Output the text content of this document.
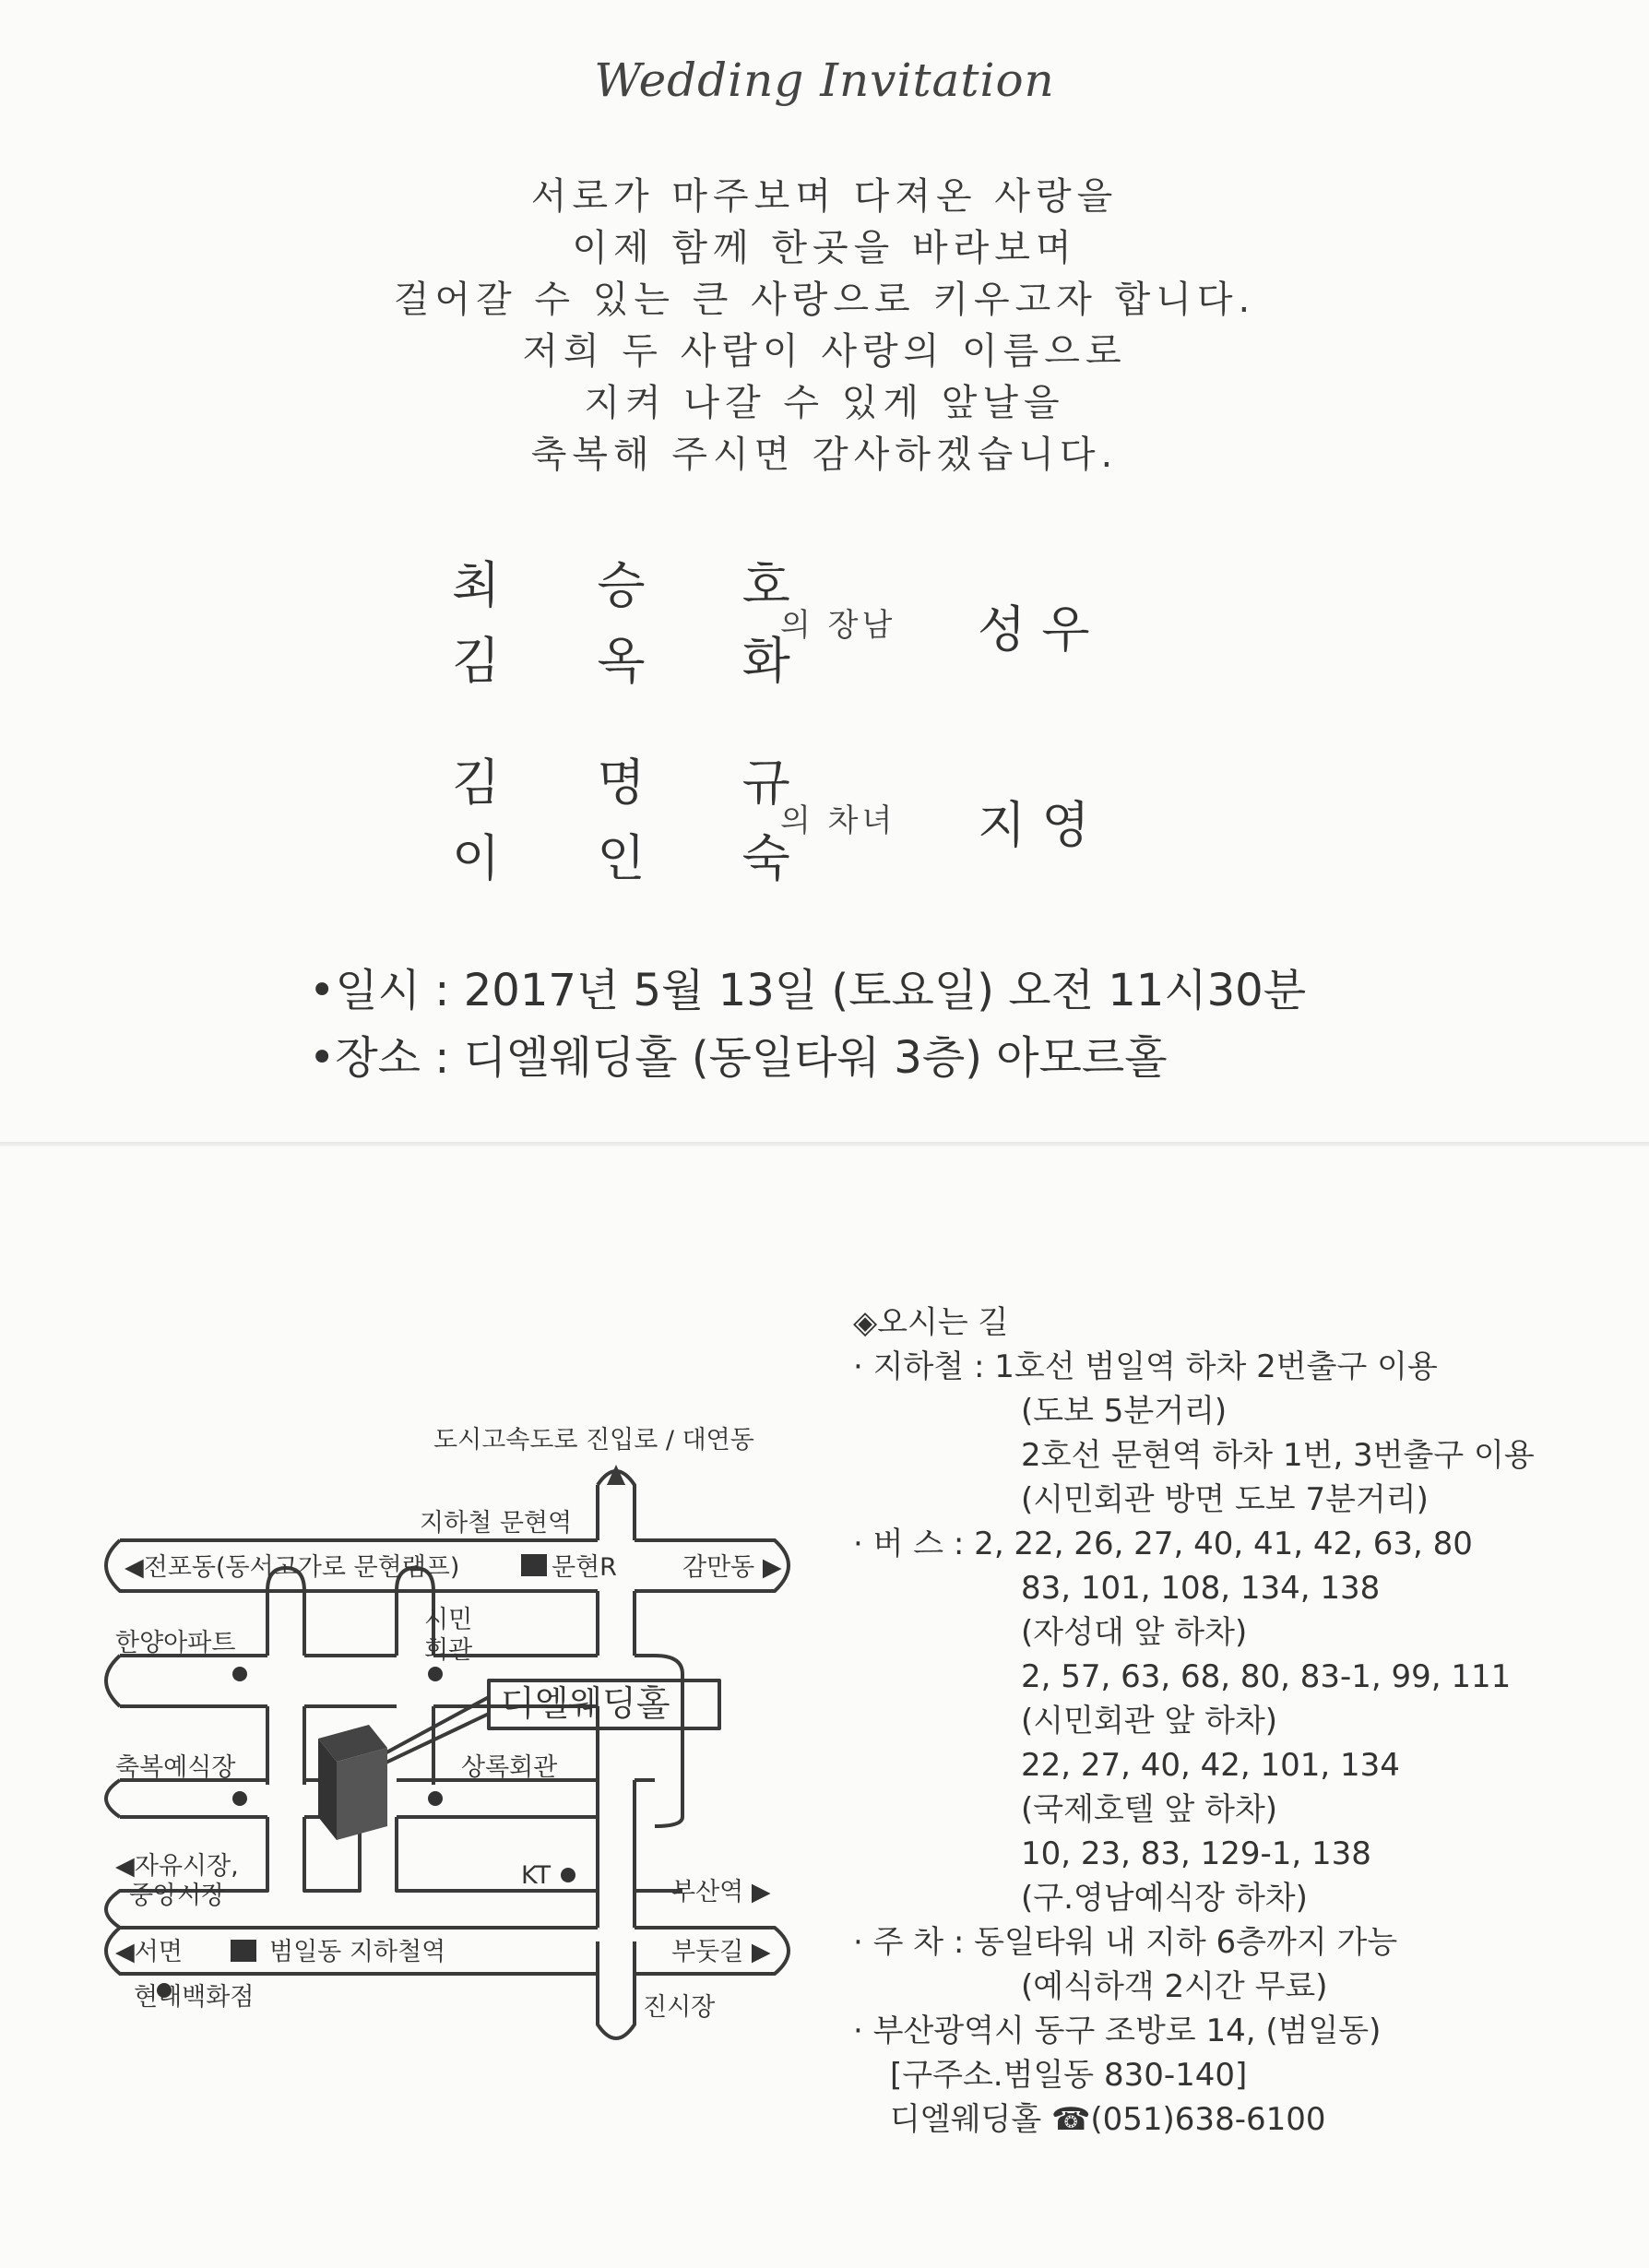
Wedding Invitation
서로가 마주보며 다져온 사랑을
이제 함께 한곳을 바라보며
걸어갈 수 있는 큰 사랑으로 키우고자 합니다.
저희 두 사람이 사랑의 이름으로
지켜 나갈 수 있게 앞날을
축복해 주시면 감사하겠습니다.
최 승 호
김 옥 화
의 장남 성 우
김 명 규
이 인 숙
의 차녀 지 영
•일시 : 2017년 5월 13일 (토요일) 오전 11시30분
•장소 : 디엘웨딩홀 (동일타워 3층) 아모르홀
도시고속도로 진입로 / 대연동
지하철 문현역
◀전포동(동서고가로 문현램프)	문현R	감만동 ▶
한양아파트
시민
회관
디엘웨딩홀
축복예식장	상록회관
KT
◀자유시장,
중앙시장	부산역 ▶
◀서면	범일동 지하철역	부둣길 ▶
진시장
현대백화점
◈오시는 길
· 지하철 : 1호선 범일역 하차 2번출구 이용
(도보 5분거리)
2호선 문현역 하차 1번, 3번출구 이용
(시민회관 방면 도보 7분거리)
· 버 스 : 2, 22, 26, 27, 40, 41, 42, 63, 80
83, 101, 108, 134, 138
(자성대 앞 하차)
2, 57, 63, 68, 80, 83-1, 99, 111
(시민회관 앞 하차)
22, 27, 40, 42, 101, 134
(국제호텔 앞 하차)
10, 23, 83, 129-1, 138
(구.영남예식장 하차)
· 주 차 : 동일타워 내 지하 6층까지 가능
(예식하객 2시간 무료)
· 부산광역시 동구 조방로 14, (범일동)
[구주소.범일동 830-140]
디엘웨딩홀 ☎(051)638-6100
